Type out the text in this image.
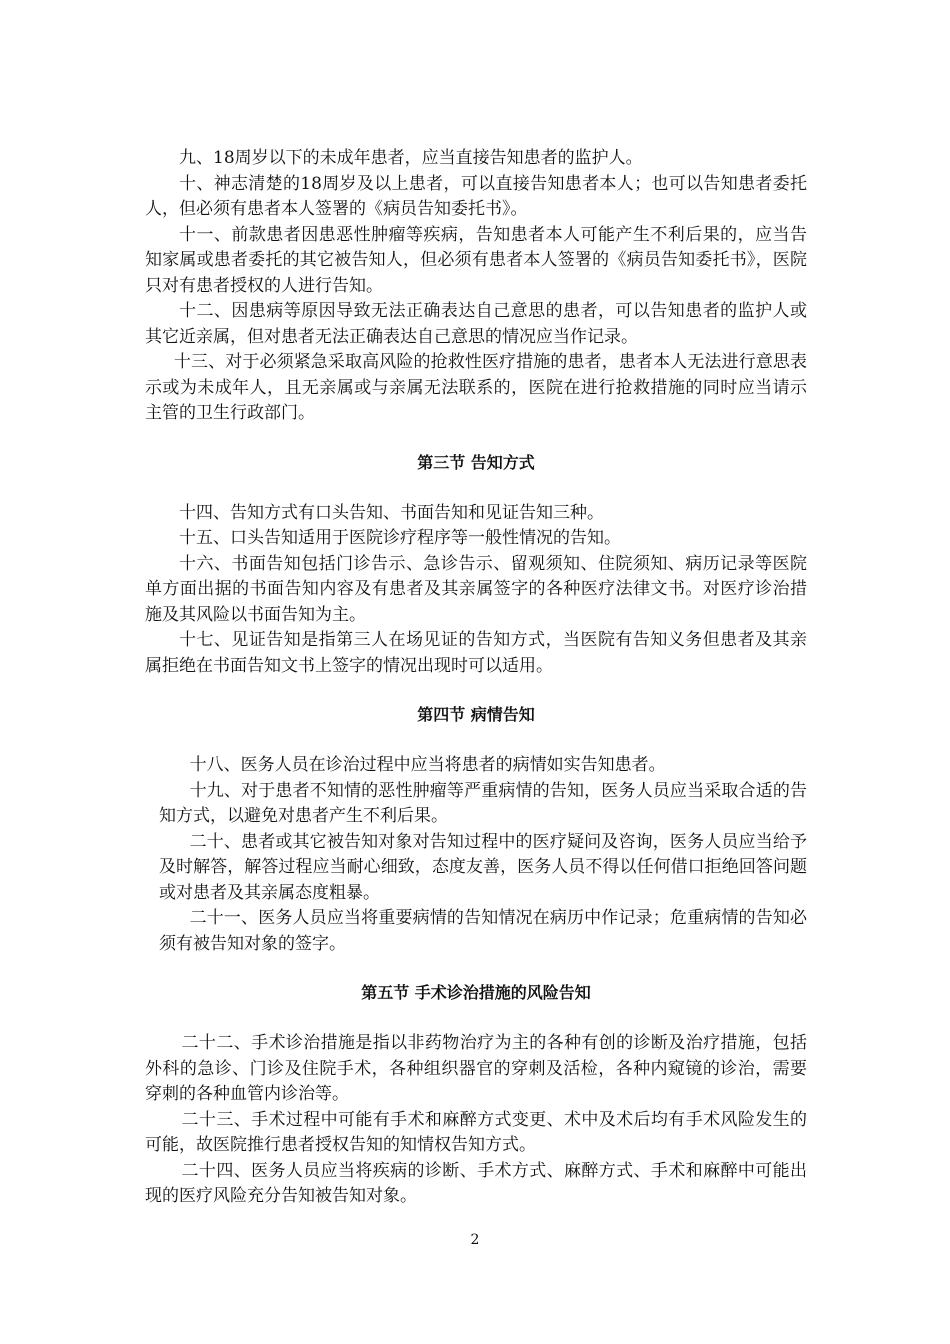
九、18周岁以下的未成年患者，应当直接告知患者的监护人。

十、神志清楚的18周岁及以上患者，可以直接告知患者本人；也可以告知患者委托人，但必须有患者本人签署的《病员告知委托书》。

十一、前款患者因患恶性肿瘤等疾病，告知患者本人可能产生不利后果的，应当告知家属或患者委托的其它被告知人，但必须有患者本人签署的《病员告知委托书》，医院只对有患者授权的人进行告知。

十二、因患病等原因导致无法正确表达自己意思的患者，可以告知患者的监护人或其它近亲属，但对患者无法正确表达自己意思的情况应当作记录。

十三、对于必须紧急采取高风险的抢救性医疗措施的患者，患者本人无法进行意思表示或为未成年人，且无亲属或与亲属无法联系的，医院在进行抢救措施的同时应当请示主管的卫生行政部门。

第三节 告知方式

十四、告知方式有口头告知、书面告知和见证告知三种。

十五、口头告知适用于医院诊疗程序等一般性情况的告知。

十六、书面告知包括门诊告示、急诊告示、留观须知、住院须知、病历记录等医院单方面出据的书面告知内容及有患者及其亲属签字的各种医疗法律文书。对医疗诊治措施及其风险以书面告知为主。

十七、见证告知是指第三人在场见证的告知方式，当医院有告知义务但患者及其亲属拒绝在书面告知文书上签字的情况出现时可以适用。

第四节 病情告知

十八、医务人员在诊治过程中应当将患者的病情如实告知患者。

十九、对于患者不知情的恶性肿瘤等严重病情的告知，医务人员应当采取合适的告知方式，以避免对患者产生不利后果。

二十、患者或其它被告知对象对告知过程中的医疗疑问及咨询，医务人员应当给予及时解答，解答过程应当耐心细致，态度友善，医务人员不得以任何借口拒绝回答问题或对患者及其亲属态度粗暴。

二十一、医务人员应当将重要病情的告知情况在病历中作记录；危重病情的告知必须有被告知对象的签字。

第五节 手术诊治措施的风险告知

二十二、手术诊治措施是指以非药物治疗为主的各种有创的诊断及治疗措施，包括外科的急诊、门诊及住院手术，各种组织器官的穿刺及活检，各种内窥镜的诊治，需要穿刺的各种血管内诊治等。

二十三、手术过程中可能有手术和麻醉方式变更、术中及术后均有手术风险发生的可能，故医院推行患者授权告知的知情权告知方式。

二十四、医务人员应当将疾病的诊断、手术方式、麻醉方式、手术和麻醉中可能出现的医疗风险充分告知被告知对象。

2
